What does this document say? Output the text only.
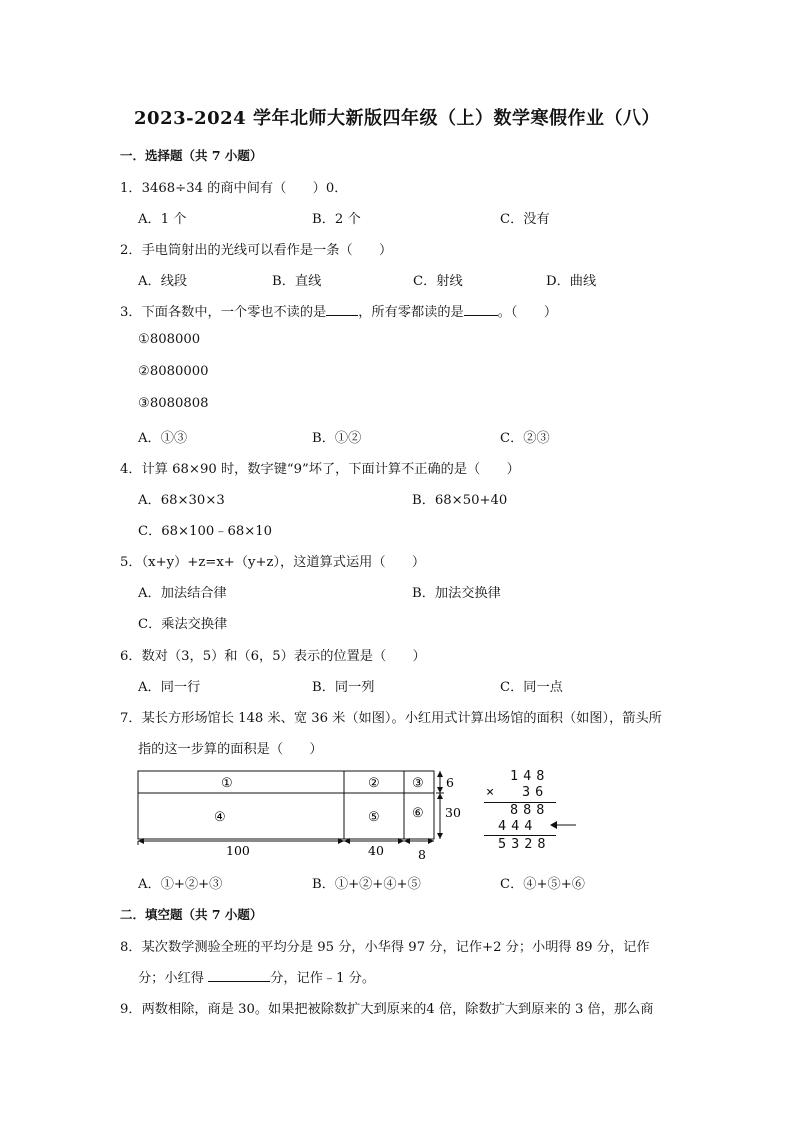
2023-2024 学年北师大新版四年级（上）数学寒假作业（八）
一．选择题（共 7 小题）
1．3468÷34 的商中间有（　　）0．
A．1 个	B．2 个	C．没有
2．手电筒射出的光线可以看作是一条（　　）
A．线段	B．直线	C．射线	D．曲线
3．下面各数中，一个零也不读的是 ，所有零都读的是	。（　　）
①808000
②8080000
③8080808
A．①③	B．①②	C．②③
4．计算 68×90 时，数字键“9”坏了，下面计算不正确的是（　　）
A．68×30×3	B．68×50+40
C．68×100﹣68×10
5．（x+y）+z=x+（y+z），这道算式运用（　　）
A．加法结合律	B．加法交换律
C．乘法交换律
6．数对（3，5）和（6，5）表示的位置是（　　）
A．同一行	B．同一列	C．同一点
7．某长方形场馆长 148 米、宽 36 米（如图）。小红用式计算出场馆的面积（如图），箭头所
指的这一步算的面积是（　　）
①	② ③
④	⑤ ⑥
6
30
100	40	8
148
× 36
888
444
5328
A．①+②+③	B．①+②+④+⑤	C．④+⑤+⑥
二．填空题（共 7 小题）
8．某次数学测验全班的平均分是 95 分，小华得 97 分，记作+2 分；小明得 89 分，记作
分；小红得	分，记作﹣1 分。
9．两数相除，商是 30。如果把被除数扩大到原来的4 倍，除数扩大到原来的 3 倍，那么商
